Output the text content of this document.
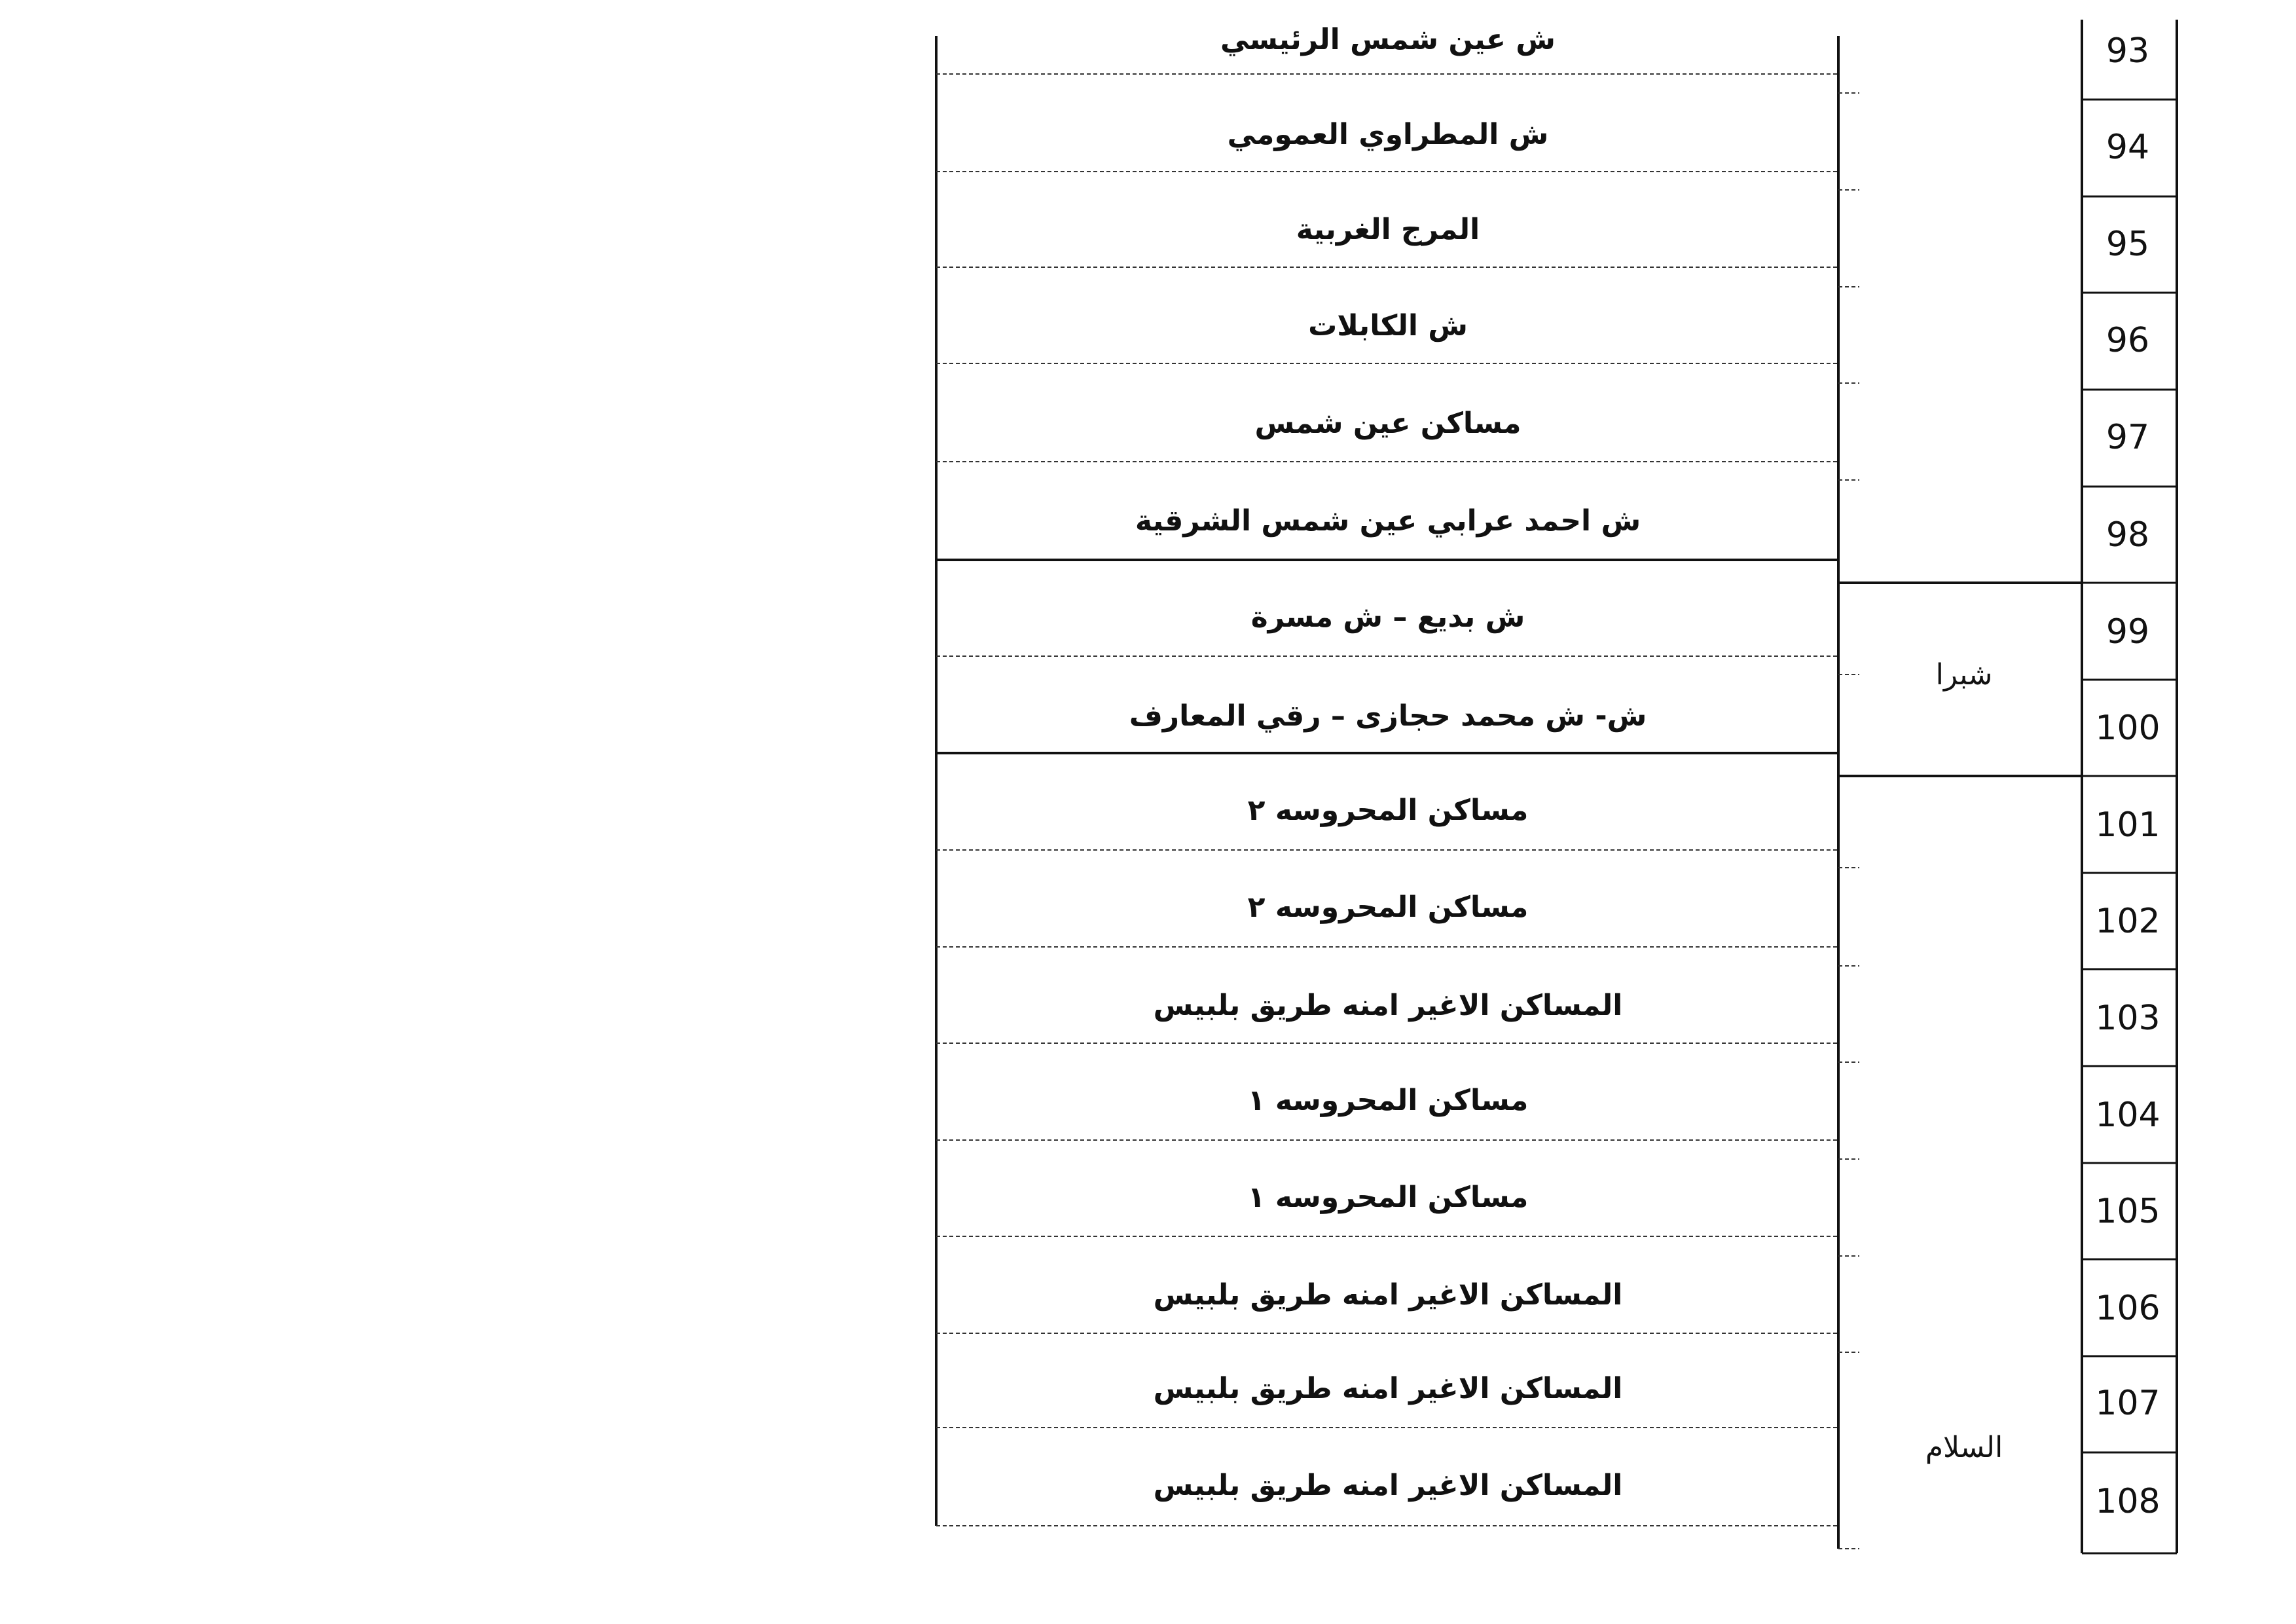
ش عين شمس الرئيسي
ش المطراوي العمومي
المرج الغربية
ش الكابلات
مساكن عين شمس
ش احمد عرابي عين شمس الشرقية
ش بديع – ش مسرة
ش- ش محمد حجازى – رقي المعارف
مساكن المحروسه ٢
مساكن المحروسه ٢
المساكن الاغير امنه طريق بلبيس
مساكن المحروسه ١
مساكن المحروسه ١
المساكن الاغير امنه طريق بلبيس
المساكن الاغير امنه طريق بلبيس
المساكن الاغير امنه طريق بلبيس
شبرا
السلام
93
94
95
96
97
98
99
100
101
102
103
104
105
106
107
108
